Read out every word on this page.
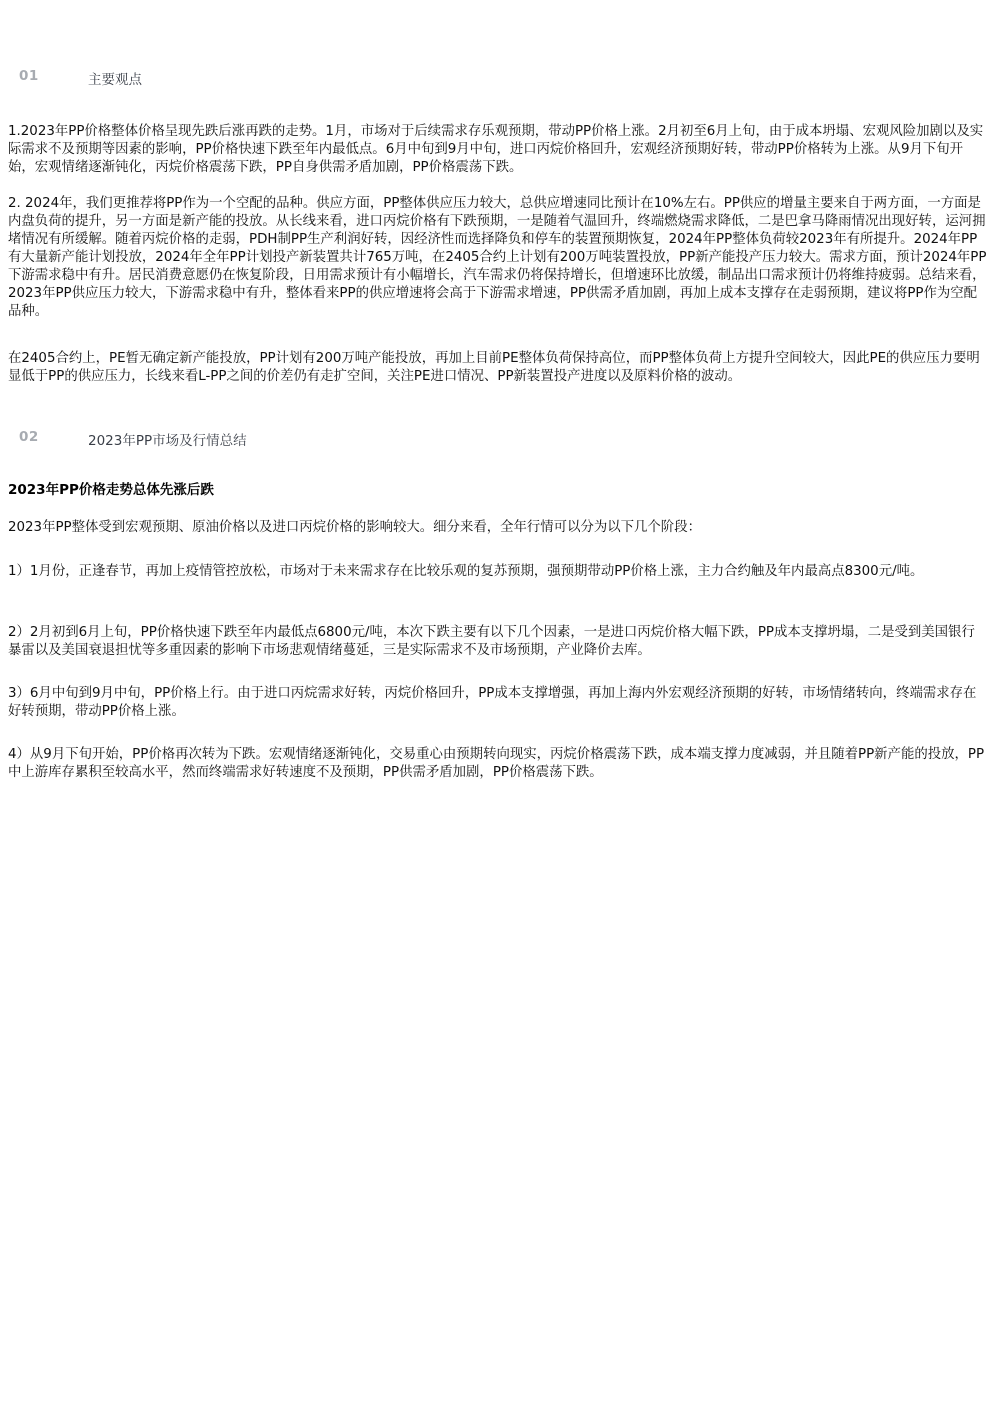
01	主要观点

1.2023年PP价格整体价格呈现先跌后涨再跌的走势。1月，市场对于后续需求存乐观预期，带动PP价格上涨。2月初至6月上旬，由于成本坍塌、宏观风险加剧以及实际需求不及预期等因素的影响，PP价格快速下跌至年内最低点。6月中旬到9月中旬，进口丙烷价格回升，宏观经济预期好转，带动PP价格转为上涨。从9月下旬开始，宏观情绪逐渐钝化，丙烷价格震荡下跌，PP自身供需矛盾加剧，PP价格震荡下跌。

2. 2024年，我们更推荐将PP作为一个空配的品种。供应方面，PP整体供应压力较大，总供应增速同比预计在10%左右。PP供应的增量主要来自于两方面，一方面是内盘负荷的提升，另一方面是新产能的投放。从长线来看，进口丙烷价格有下跌预期，一是随着气温回升，终端燃烧需求降低，二是巴拿马降雨情况出现好转，运河拥堵情况有所缓解。随着丙烷价格的走弱，PDH制PP生产利润好转，因经济性而选择降负和停车的装置预期恢复，2024年PP整体负荷较2023年有所提升。2024年PP有大量新产能计划投放，2024年全年PP计划投产新装置共计765万吨，在2405合约上计划有200万吨装置投放，PP新产能投产压力较大。需求方面，预计2024年PP下游需求稳中有升。居民消费意愿仍在恢复阶段，日用需求预计有小幅增长，汽车需求仍将保持增长，但增速环比放缓，制品出口需求预计仍将维持疲弱。总结来看，2023年PP供应压力较大，下游需求稳中有升，整体看来PP的供应增速将会高于下游需求增速，PP供需矛盾加剧，再加上成本支撑存在走弱预期，建议将PP作为空配品种。

在2405合约上，PE暂无确定新产能投放，PP计划有200万吨产能投放，再加上目前PE整体负荷保持高位，而PP整体负荷上方提升空间较大，因此PE的供应压力要明显低于PP的供应压力，长线来看L-PP之间的价差仍有走扩空间，关注PE进口情况、PP新装置投产进度以及原料价格的波动。

02	2023年PP市场及行情总结

2023年PP价格走势总体先涨后跌

2023年PP整体受到宏观预期、原油价格以及进口丙烷价格的影响较大。细分来看，全年行情可以分为以下几个阶段：

1）1月份，正逢春节，再加上疫情管控放松，市场对于未来需求存在比较乐观的复苏预期，强预期带动PP价格上涨，主力合约触及年内最高点8300元/吨。

2）2月初到6月上旬，PP价格快速下跌至年内最低点6800元/吨，本次下跌主要有以下几个因素，一是进口丙烷价格大幅下跌，PP成本支撑坍塌，二是受到美国银行暴雷以及美国衰退担忧等多重因素的影响下市场悲观情绪蔓延，三是实际需求不及市场预期，产业降价去库。

3）6月中旬到9月中旬，PP价格上行。由于进口丙烷需求好转，丙烷价格回升，PP成本支撑增强，再加上海内外宏观经济预期的好转，市场情绪转向，终端需求存在好转预期，带动PP价格上涨。

4）从9月下旬开始，PP价格再次转为下跌。宏观情绪逐渐钝化，交易重心由预期转向现实，丙烷价格震荡下跌，成本端支撑力度减弱，并且随着PP新产能的投放，PP中上游库存累积至较高水平，然而终端需求好转速度不及预期，PP供需矛盾加剧，PP价格震荡下跌。
